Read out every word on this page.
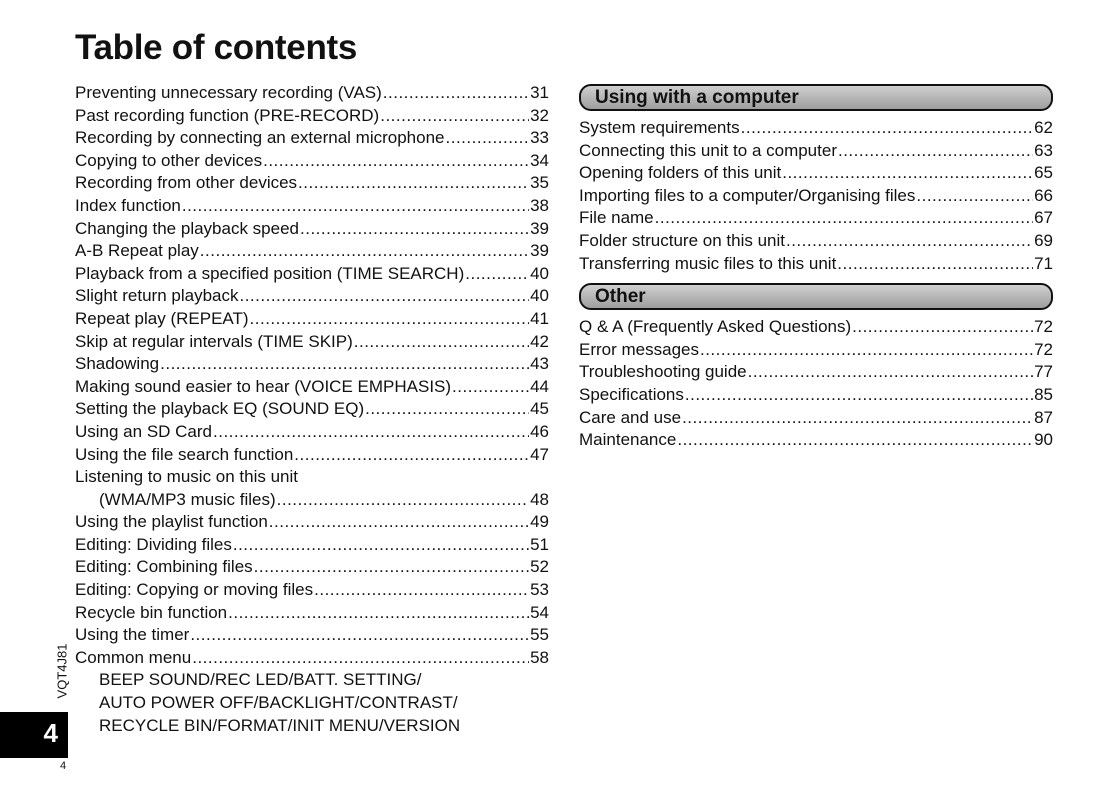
Table of contents
Preventing unnecessary recording (VAS) .....	31
Past recording function (PRE-RECORD) .....	32
Recording by connecting an external microphone .....	33
Copying to other devices .....	34
Recording from other devices .....	35
Index function .....	38
Changing the playback speed .....	39
A-B Repeat play .....	39
Playback from a specified position (TIME SEARCH) .....	40
Slight return playback .....	40
Repeat play (REPEAT) .....	41
Skip at regular intervals (TIME SKIP) .....	42
Shadowing .....	43
Making sound easier to hear (VOICE EMPHASIS) .....	44
Setting the playback EQ (SOUND EQ) .....	45
Using an SD Card .....	46
Using the file search function .....	47
Listening to music on this unit
(WMA/MP3 music files) .....	48
Using the playlist function .....	49
Editing: Dividing files .....	51
Editing: Combining files .....	52
Editing: Copying or moving files .....	53
Recycle bin function .....	54
Using the timer .....	55
Common menu .....	58
BEEP SOUND/REC LED/BATT. SETTING/
AUTO POWER OFF/BACKLIGHT/CONTRAST/
RECYCLE BIN/FORMAT/INIT MENU/VERSION
Using with a computer
System requirements .....	62
Connecting this unit to a computer .....	63
Opening folders of this unit .....	65
Importing files to a computer/Organising files .....	66
File name .....	67
Folder structure on this unit .....	69
Transferring music files to this unit .....	71
Other
Q & A (Frequently Asked Questions) .....	72
Error messages .....	72
Troubleshooting guide .....	77
Specifications .....	85
Care and use .....	87
Maintenance .....	90
VQT4J81
4
4
